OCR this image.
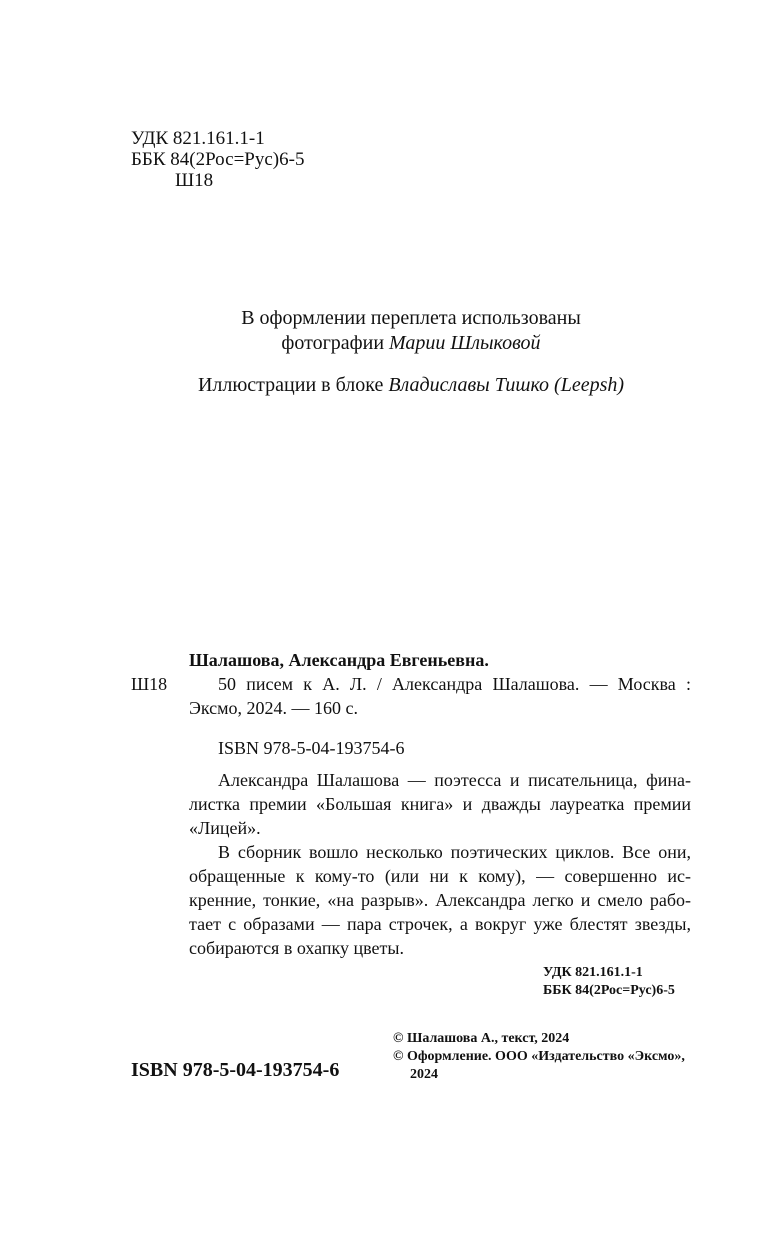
УДК 821.161.1-1
ББК 84(2Рос=Рус)6-5
Ш18
В оформлении переплета использованы
фотографии Марии Шлыковой
Иллюстрации в блоке Владиславы Тишко (Leepsh)
Шалашова, Александра Евгеньевна.
Ш18	50 писем к А. Л. / Александра Шалашова. — Москва :
Эксмо, 2024. — 160 с.
ISBN 978-5-04-193754-6
Александра Шалашова — поэтесса и писательница, фина-
листка премии «Большая книга» и дважды лауреатка премии
«Лицей».
В сборник вошло несколько поэтических циклов. Все они,
обращенные к кому-то (или ни к кому), — совершенно ис-
кренние, тонкие, «на разрыв». Александра легко и смело рабо-
тает с образами — пара строчек, а вокруг уже блестят звезды,
собираются в охапку цветы.
УДК 821.161.1-1
ББК 84(2Рос=Рус)6-5
ISBN 978-5-04-193754-6
© Шалашова А., текст, 2024
© Оформление. ООО «Издательство «Эксмо»,
2024
